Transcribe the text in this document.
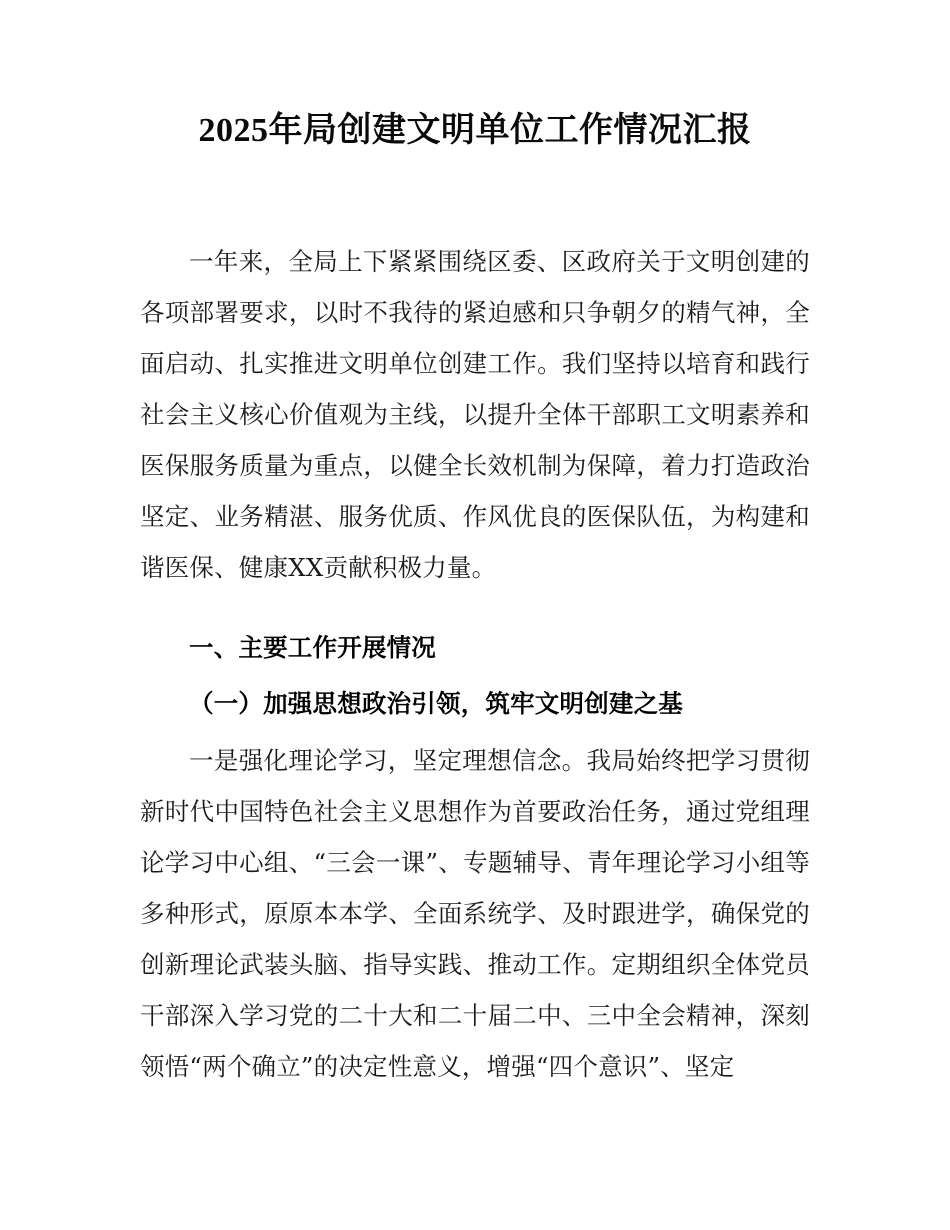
2025年局创建文明单位工作情况汇报

一年来，全局上下紧紧围绕区委、区政府关于文明创建的各项部署要求，以时不我待的紧迫感和只争朝夕的精气神，全面启动、扎实推进文明单位创建工作。我们坚持以培育和践行社会主义核心价值观为主线，以提升全体干部职工文明素养和医保服务质量为重点，以健全长效机制为保障，着力打造政治坚定、业务精湛、服务优质、作风优良的医保队伍，为构建和谐医保、健康XX贡献积极力量。

一、主要工作开展情况
（一）加强思想政治引领，筑牢文明创建之基

一是强化理论学习，坚定理想信念。我局始终把学习贯彻新时代中国特色社会主义思想作为首要政治任务，通过党组理论学习中心组、“三会一课”、专题辅导、青年理论学习小组等多种形式，原原本本学、全面系统学、及时跟进学，确保党的创新理论武装头脑、指导实践、推动工作。定期组织全体党员干部深入学习党的二十大和二十届二中、三中全会精神，深刻领悟“两个确立”的决定性意义，增强“四个意识”、坚定
